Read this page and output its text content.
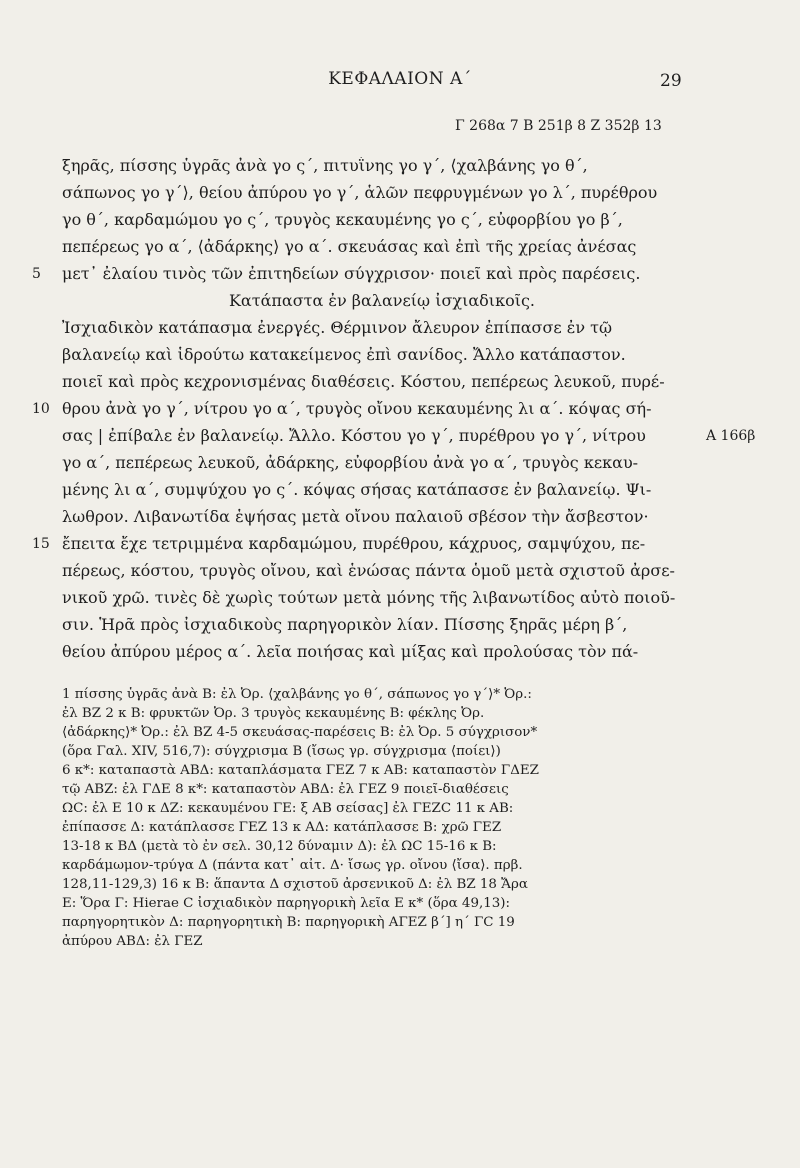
ΚΕΦΑΛΑΙΟΝ Α΄	29
Γ 268α 7 Β 251β 8 Ζ 352β 13
ξηρᾶς, πίσσης ὑγρᾶς ἀνὰ γο ς΄, πιτυΐνης γο γ΄, ⟨χαλβάνης γο θ΄,
σάπωνος γο γ΄⟩, θείου ἀπύρου γο γ΄, ἁλῶν πεφρυγμένων γο λ΄, πυρέθρου
γο θ΄, καρδαμώμου γο ς΄, τρυγὸς κεκαυμένης γο ς΄, εὐφορβίου γο β΄,
πεπέρεως γο α΄, ⟨ἀδάρκης⟩ γο α΄. σκευάσας καὶ ἐπὶ τῆς χρείας ἀνέσας
μετ᾽ ἐλαίου τινὸς τῶν ἐπιτηδείων σύγχρισον· ποιεῖ καὶ πρὸς παρέσεις.
Κατάπαστα ἐν βαλανείῳ ἰσχιαδικοῖς.
Ἰσχιαδικὸν κατάπασμα ἐνεργές. Θέρμινον ἄλευρον ἐπίπασσε ἐν τῷ
βαλανείῳ καὶ ἱδρούτω κατακείμενος ἐπὶ σανίδος. Ἄλλο κατάπαστον.
ποιεῖ καὶ πρὸς κεχρονισμένας διαθέσεις. Κόστου, πεπέρεως λευκοῦ, πυρέ-
θρου ἀνὰ γο γ΄, νίτρου γο α΄, τρυγὸς οἴνου κεκαυμένης λι α΄. κόψας σή-
σας | ἐπίβαλε ἐν βαλανείῳ. Ἄλλο. Κόστου γο γ΄, πυρέθρου γο γ΄, νίτρου
γο α΄, πεπέρεως λευκοῦ, ἀδάρκης, εὐφορβίου ἀνὰ γο α΄, τρυγὸς κεκαυ-
μένης λι α΄, συμψύχου γο ς΄. κόψας σήσας κατάπασσε ἐν βαλανείῳ. Ψι-
λωθρον. Λιβανωτίδα ἑψήσας μετὰ οἴνου παλαιοῦ σβέσον τὴν ἄσβεστον·
ἔπειτα ἔχε τετριμμένα καρδαμώμου, πυρέθρου, κάχρυος, σαμψύχου, πε-
πέρεως, κόστου, τρυγὸς οἴνου, καὶ ἑνώσας πάντα ὁμοῦ μετὰ σχιστοῦ ἀρσε-
νικοῦ χρῶ. τινὲς δὲ χωρὶς τούτων μετὰ μόνης τῆς λιβανωτίδος αὐτὸ ποιοῦ-
σιν. Ἡρᾶ πρὸς ἰσχιαδικοὺς παρηγορικὸν λίαν. Πίσσης ξηρᾶς μέρη β΄,
θείου ἀπύρου μέρος α΄. λεῖα ποιήσας καὶ μίξας καὶ προλούσας τὸν πά-
5
10
15
Α 166β
1 πίσσης ὑγρᾶς ἀνὰ Β: ἐλ Ὀρ. ⟨χαλβάνης γο θ΄, σάπωνος γο γ΄⟩* Ὀρ.:
ἐλ ΒΖ 2 κ Β: φρυκτῶν Ὀρ. 3 τρυγὸς κεκαυμένης Β: φέκλης Ὀρ.
⟨ἀδάρκης⟩* Ὀρ.: ἐλ ΒΖ 4-5 σκευάσας-παρέσεις Β: ἐλ Ὀρ. 5 σύγχρισον*
(ὅρα Γαλ. XIV, 516,7): σύγχρισμα Β (ἴσως γρ. σύγχρισμα ⟨ποίει⟩)
6 κ*: καταπαστὰ ΑΒΔ: καταπλάσματα ΓΕΖ 7 κ ΑΒ: καταπαστὸν ΓΔΕΖ
τῷ ΑΒΖ: ἐλ ΓΔΕ 8 κ*: καταπαστὸν ΑΒΔ: ἐλ ΓΕΖ 9 ποιεῖ-διαθέσεις
ΩC: ἐλ Ε 10 κ ΔΖ: κεκαυμένου ΓΕ: ξ ΑΒ σείσας] ἐλ ΓΕΖC 11 κ ΑΒ:
ἐπίπασσε Δ: κατάπλασσε ΓΕΖ 13 κ ΑΔ: κατάπλασσε Β: χρῶ ΓΕΖ
13-18 κ ΒΔ (μετὰ τὸ ἐν σελ. 30,12 δύναμιν Δ): ἐλ ΩC 15-16 κ Β:
καρδάμωμον-τρύγα Δ (πάντα κατ᾽ αἰτ. Δ· ἴσως γρ. οἴνου ⟨ἴσα⟩. πρβ.
128,11-129,3) 16 κ Β: ἅπαντα Δ σχιστοῦ ἀρσενικοῦ Δ: ἐλ ΒΖ 18 Ἄρα
Ε: Ὅρα Γ: Hierae C ἰσχιαδικὸν παρηγορικὴ λεῖα Ε κ* (ὅρα 49,13):
παρηγορητικὸν Δ: παρηγορητικὴ Β: παρηγορικὴ ΑΓΕΖ β΄] η΄ ΓC 19
ἀπύρου ΑΒΔ: ἐλ ΓΕΖ
